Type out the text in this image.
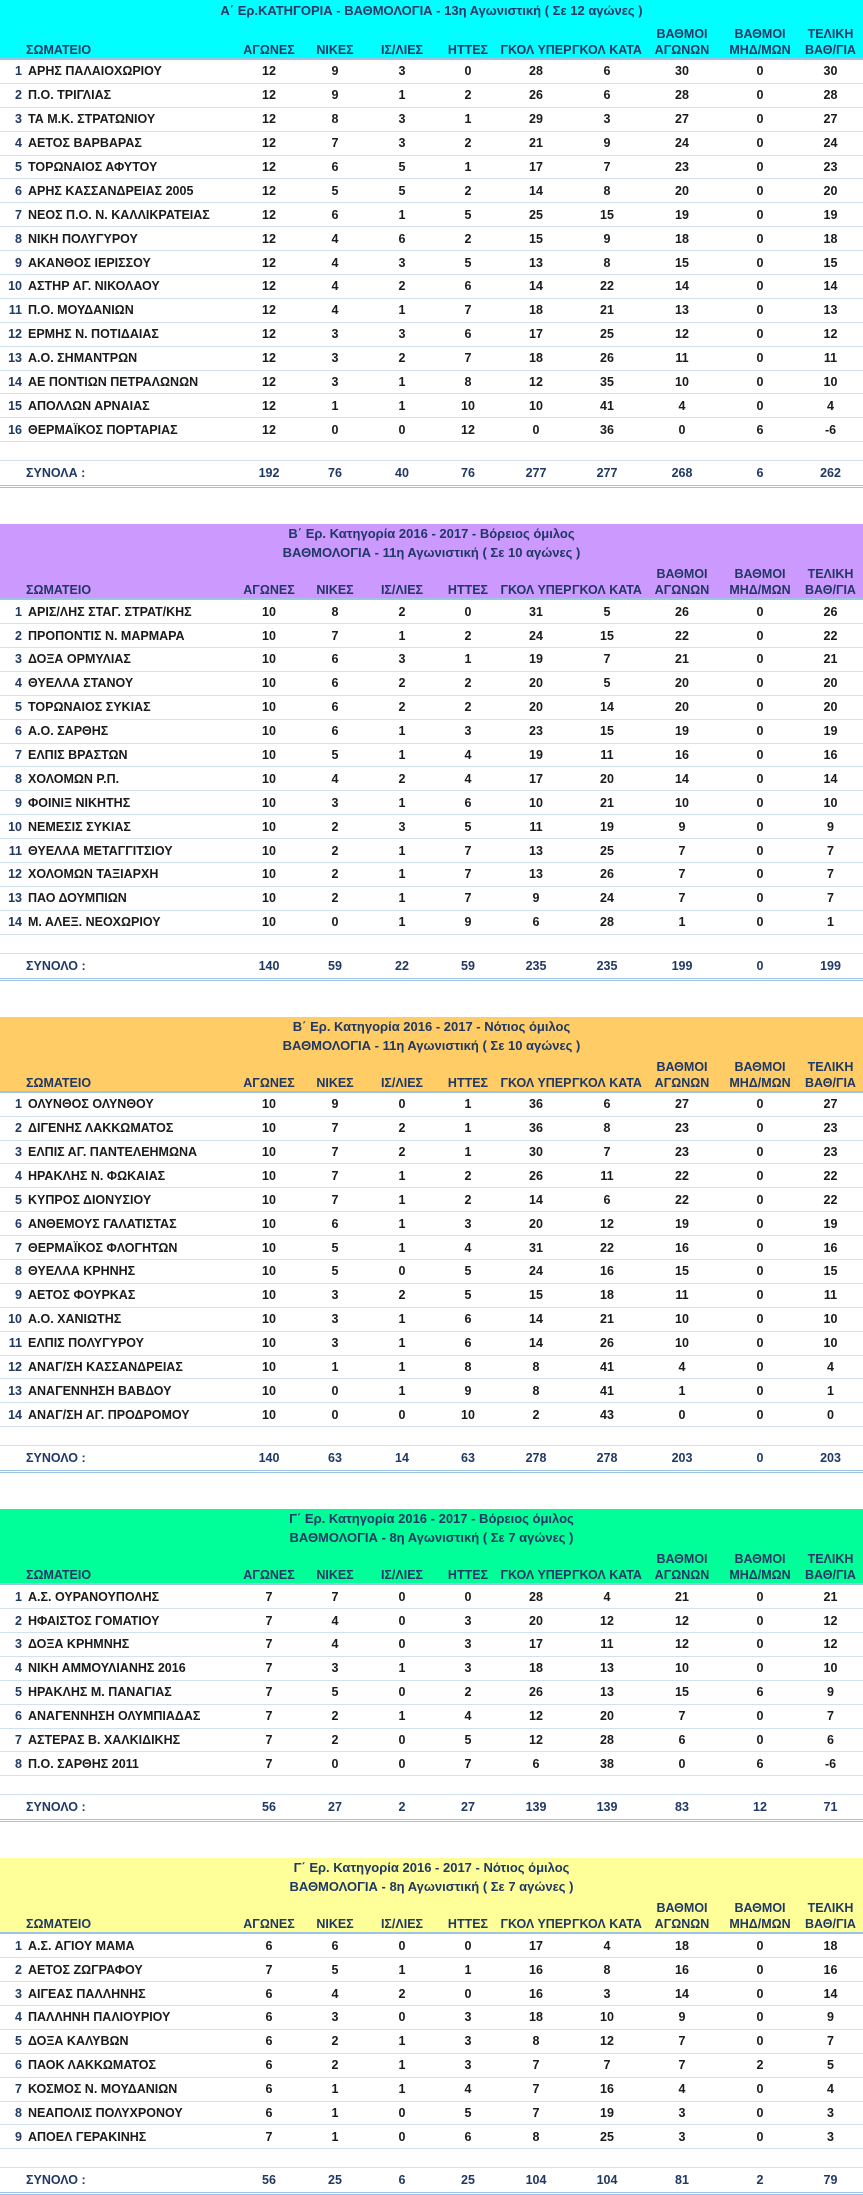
Α΄ Ερ.ΚΑΤΗΓΟΡΙΑ - ΒΑΘΜΟΛΟΓΙΑ - 13η Αγωνιστική ( Σε 12 αγώνες )
	ΣΩΜΑΤΕΙΟ	ΑΓΩΝΕΣ	ΝΙΚΕΣ	ΙΣ/ΛΙΕΣ	ΗΤΤΕΣ	ΓΚΟΛ ΥΠΕΡ	ΓΚΟΛ ΚΑΤΑ	ΒΑΘΜΟΙ ΑΓΩΝΩΝ	ΒΑΘΜΟΙ ΜΗΔ/ΜΩΝ	ΤΕΛΙΚΗ ΒΑΘ/ΓΙΑ
1	ΑΡΗΣ ΠΑΛΑΙΟΧΩΡΙΟΥ	12	9	3	0	28	6	30	0	30
2	Π.Ο. ΤΡΙΓΛΙΑΣ	12	9	1	2	26	6	28	0	28
3	ΤΑ Μ.Κ. ΣΤΡΑΤΩΝΙΟΥ	12	8	3	1	29	3	27	0	27
4	ΑΕΤΟΣ ΒΑΡΒΑΡΑΣ	12	7	3	2	21	9	24	0	24
5	ΤΟΡΩΝΑΙΟΣ ΑΦΥΤΟΥ	12	6	5	1	17	7	23	0	23
6	ΑΡΗΣ ΚΑΣΣΑΝΔΡΕΙΑΣ 2005	12	5	5	2	14	8	20	0	20
7	ΝΕΟΣ Π.Ο. Ν. ΚΑΛΛΙΚΡΑΤΕΙΑΣ	12	6	1	5	25	15	19	0	19
8	ΝΙΚΗ ΠΟΛΥΓΥΡΟΥ	12	4	6	2	15	9	18	0	18
9	ΑΚΑΝΘΟΣ ΙΕΡΙΣΣΟΥ	12	4	3	5	13	8	15	0	15
10	ΑΣΤΗΡ ΑΓ. ΝΙΚΟΛΑΟΥ	12	4	2	6	14	22	14	0	14
11	Π.Ο. ΜΟΥΔΑΝΙΩΝ	12	4	1	7	18	21	13	0	13
12	ΕΡΜΗΣ Ν. ΠΟΤΙΔΑΙΑΣ	12	3	3	6	17	25	12	0	12
13	Α.Ο. ΣΗΜΑΝΤΡΩΝ	12	3	2	7	18	26	11	0	11
14	ΑΕ ΠΟΝΤΙΩΝ ΠΕΤΡΑΛΩΝΩΝ	12	3	1	8	12	35	10	0	10
15	ΑΠΟΛΛΩΝ ΑΡΝΑΙΑΣ	12	1	1	10	10	41	4	0	4
16	ΘΕΡΜΑΪΚΟΣ ΠΟΡΤΑΡΙΑΣ	12	0	0	12	0	36	0	6	-6
	ΣΥΝΟΛΑ :	192	76	40	76	277	277	268	6	262
Β΄ Ερ. Κατηγορία 2016 - 2017 - Βόρειος όμιλος
ΒΑΘΜΟΛΟΓΙΑ - 11η Αγωνιστική ( Σε 10 αγώνες )
	ΣΩΜΑΤΕΙΟ	ΑΓΩΝΕΣ	ΝΙΚΕΣ	ΙΣ/ΛΙΕΣ	ΗΤΤΕΣ	ΓΚΟΛ ΥΠΕΡ	ΓΚΟΛ ΚΑΤΑ	ΒΑΘΜΟΙ ΑΓΩΝΩΝ	ΒΑΘΜΟΙ ΜΗΔ/ΜΩΝ	ΤΕΛΙΚΗ ΒΑΘ/ΓΙΑ
1	ΑΡΙΣ/ΛΗΣ ΣΤΑΓ. ΣΤΡΑΤ/ΚΗΣ	10	8	2	0	31	5	26	0	26
2	ΠΡΟΠΟΝΤΙΣ Ν. ΜΑΡΜΑΡΑ	10	7	1	2	24	15	22	0	22
3	ΔΟΞΑ ΟΡΜΥΛΙΑΣ	10	6	3	1	19	7	21	0	21
4	ΘΥΕΛΛΑ ΣΤΑΝΟΥ	10	6	2	2	20	5	20	0	20
5	ΤΟΡΩΝΑΙΟΣ ΣΥΚΙΑΣ	10	6	2	2	20	14	20	0	20
6	Α.Ο. ΣΑΡΘΗΣ	10	6	1	3	23	15	19	0	19
7	ΕΛΠΙΣ ΒΡΑΣΤΩΝ	10	5	1	4	19	11	16	0	16
8	ΧΟΛΟΜΩΝ Ρ.Π.	10	4	2	4	17	20	14	0	14
9	ΦΟΙΝΙΞ ΝΙΚΗΤΗΣ	10	3	1	6	10	21	10	0	10
10	ΝΕΜΕΣΙΣ ΣΥΚΙΑΣ	10	2	3	5	11	19	9	0	9
11	ΘΥΕΛΛΑ ΜΕΤΑΓΓΙΤΣΙΟΥ	10	2	1	7	13	25	7	0	7
12	ΧΟΛΟΜΩΝ ΤΑΞΙΑΡΧΗ	10	2	1	7	13	26	7	0	7
13	ΠΑΟ ΔΟΥΜΠΙΩΝ	10	2	1	7	9	24	7	0	7
14	Μ. ΑΛΕΞ. ΝΕΟΧΩΡΙΟΥ	10	0	1	9	6	28	1	0	1
	ΣΥΝΟΛΟ :	140	59	22	59	235	235	199	0	199
Β΄ Ερ. Κατηγορία 2016 - 2017 - Νότιος όμιλος
ΒΑΘΜΟΛΟΓΙΑ - 11η Αγωνιστική ( Σε 10 αγώνες )
	ΣΩΜΑΤΕΙΟ	ΑΓΩΝΕΣ	ΝΙΚΕΣ	ΙΣ/ΛΙΕΣ	ΗΤΤΕΣ	ΓΚΟΛ ΥΠΕΡ	ΓΚΟΛ ΚΑΤΑ	ΒΑΘΜΟΙ ΑΓΩΝΩΝ	ΒΑΘΜΟΙ ΜΗΔ/ΜΩΝ	ΤΕΛΙΚΗ ΒΑΘ/ΓΙΑ
1	ΟΛΥΝΘΟΣ ΟΛΥΝΘΟΥ	10	9	0	1	36	6	27	0	27
2	ΔΙΓΕΝΗΣ ΛΑΚΚΩΜΑΤΟΣ	10	7	2	1	36	8	23	0	23
3	ΕΛΠΙΣ ΑΓ. ΠΑΝΤΕΛΕΗΜΩΝΑ	10	7	2	1	30	7	23	0	23
4	ΗΡΑΚΛΗΣ Ν. ΦΩΚΑΙΑΣ	10	7	1	2	26	11	22	0	22
5	ΚΥΠΡΟΣ ΔΙΟΝΥΣΙΟΥ	10	7	1	2	14	6	22	0	22
6	ΑΝΘΕΜΟΥΣ ΓΑΛΑΤΙΣΤΑΣ	10	6	1	3	20	12	19	0	19
7	ΘΕΡΜΑΪΚΟΣ ΦΛΟΓΗΤΩΝ	10	5	1	4	31	22	16	0	16
8	ΘΥΕΛΛΑ ΚΡΗΝΗΣ	10	5	0	5	24	16	15	0	15
9	ΑΕΤΟΣ ΦΟΥΡΚΑΣ	10	3	2	5	15	18	11	0	11
10	Α.Ο. ΧΑΝΙΩΤΗΣ	10	3	1	6	14	21	10	0	10
11	ΕΛΠΙΣ ΠΟΛΥΓΥΡΟΥ	10	3	1	6	14	26	10	0	10
12	ΑΝΑΓ/ΣΗ ΚΑΣΣΑΝΔΡΕΙΑΣ	10	1	1	8	8	41	4	0	4
13	ΑΝΑΓΕΝΝΗΣΗ ΒΑΒΔΟΥ	10	0	1	9	8	41	1	0	1
14	ΑΝΑΓ/ΣΗ ΑΓ. ΠΡΟΔΡΟΜΟΥ	10	0	0	10	2	43	0	0	0
	ΣΥΝΟΛΟ :	140	63	14	63	278	278	203	0	203
Γ΄ Ερ. Κατηγορία 2016 - 2017 - Βόρειος όμιλος
ΒΑΘΜΟΛΟΓΙΑ - 8η Αγωνιστική ( Σε 7 αγώνες )
	ΣΩΜΑΤΕΙΟ	ΑΓΩΝΕΣ	ΝΙΚΕΣ	ΙΣ/ΛΙΕΣ	ΗΤΤΕΣ	ΓΚΟΛ ΥΠΕΡ	ΓΚΟΛ ΚΑΤΑ	ΒΑΘΜΟΙ ΑΓΩΝΩΝ	ΒΑΘΜΟΙ ΜΗΔ/ΜΩΝ	ΤΕΛΙΚΗ ΒΑΘ/ΓΙΑ
1	Α.Σ. ΟΥΡΑΝΟΥΠΟΛΗΣ	7	7	0	0	28	4	21	0	21
2	ΗΦΑΙΣΤΟΣ ΓΟΜΑΤΙΟΥ	7	4	0	3	20	12	12	0	12
3	ΔΟΞΑ ΚΡΗΜΝΗΣ	7	4	0	3	17	11	12	0	12
4	ΝΙΚΗ ΑΜΜΟΥΛΙΑΝΗΣ 2016	7	3	1	3	18	13	10	0	10
5	ΗΡΑΚΛΗΣ Μ. ΠΑΝΑΓΙΑΣ	7	5	0	2	26	13	15	6	9
6	ΑΝΑΓΕΝΝΗΣΗ ΟΛΥΜΠΙΑΔΑΣ	7	2	1	4	12	20	7	0	7
7	ΑΣΤΕΡΑΣ Β. ΧΑΛΚΙΔΙΚΗΣ	7	2	0	5	12	28	6	0	6
8	Π.Ο. ΣΑΡΘΗΣ 2011	7	0	0	7	6	38	0	6	-6
	ΣΥΝΟΛΟ :	56	27	2	27	139	139	83	12	71
Γ΄ Ερ. Κατηγορία 2016 - 2017 - Νότιος όμιλος
ΒΑΘΜΟΛΟΓΙΑ - 8η Αγωνιστική ( Σε 7 αγώνες )
	ΣΩΜΑΤΕΙΟ	ΑΓΩΝΕΣ	ΝΙΚΕΣ	ΙΣ/ΛΙΕΣ	ΗΤΤΕΣ	ΓΚΟΛ ΥΠΕΡ	ΓΚΟΛ ΚΑΤΑ	ΒΑΘΜΟΙ ΑΓΩΝΩΝ	ΒΑΘΜΟΙ ΜΗΔ/ΜΩΝ	ΤΕΛΙΚΗ ΒΑΘ/ΓΙΑ
1	Α.Σ. ΑΓΙΟΥ ΜΑΜΑ	6	6	0	0	17	4	18	0	18
2	ΑΕΤΟΣ ΖΩΓΡΑΦΟΥ	7	5	1	1	16	8	16	0	16
3	ΑΙΓΕΑΣ ΠΑΛΛΗΝΗΣ	6	4	2	0	16	3	14	0	14
4	ΠΑΛΛΗΝΗ ΠΑΛΙΟΥΡΙΟΥ	6	3	0	3	18	10	9	0	9
5	ΔΟΞΑ ΚΑΛΥΒΩΝ	6	2	1	3	8	12	7	0	7
6	ΠΑΟΚ ΛΑΚΚΩΜΑΤΟΣ	6	2	1	3	7	7	7	2	5
7	ΚΟΣΜΟΣ Ν. ΜΟΥΔΑΝΙΩΝ	6	1	1	4	7	16	4	0	4
8	ΝΕΑΠΟΛΙΣ ΠΟΛΥΧΡΟΝΟΥ	6	1	0	5	7	19	3	0	3
9	ΑΠΟΕΛ ΓΕΡΑΚΙΝΗΣ	7	1	0	6	8	25	3	0	3
	ΣΥΝΟΛΟ :	56	25	6	25	104	104	81	2	79
